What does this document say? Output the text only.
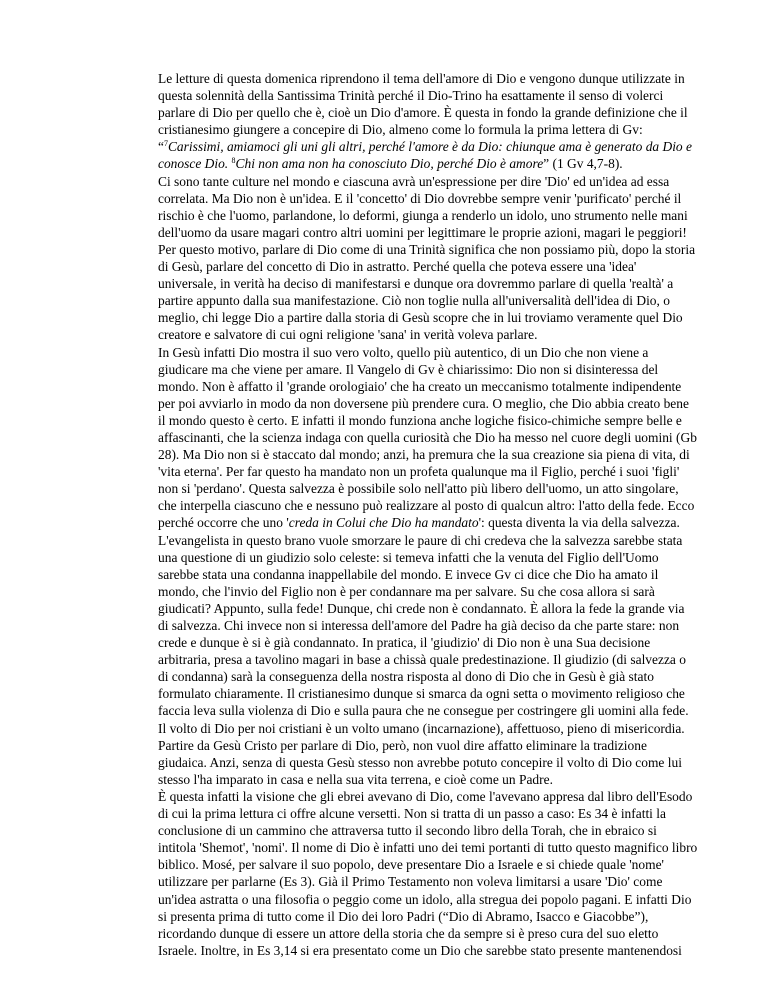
Le letture di questa domenica riprendono il tema dell'amore di Dio e vengono dunque utilizzate in questa solennità della Santissima Trinità perché il Dio-Trino ha esattamente il senso di volerci parlare di Dio per quello che è, cioè un Dio d'amore. È questa in fondo la grande definizione che il cristianesimo giungere a concepire di Dio, almeno come lo formula la prima lettera di Gv: “$^7$Carissimi, amiamoci gli uni gli altri, perché l'amore è da Dio: chiunque ama è generato da Dio e conosce Dio. $^8$Chi non ama non ha conosciuto Dio, perché Dio è amore” (1 Gv 4,7-8).

Ci sono tante culture nel mondo e ciascuna avrà un'espressione per dire 'Dio' ed un'idea ad essa correlata. Ma Dio non è un'idea. E il 'concetto' di Dio dovrebbe sempre venir 'purificato' perché il rischio è che l'uomo, parlandone, lo deformi, giunga a renderlo un idolo, uno strumento nelle mani dell'uomo da usare magari contro altri uomini per legittimare le proprie azioni, magari le peggiori! Per questo motivo, parlare di Dio come di una Trinità significa che non possiamo più, dopo la storia di Gesù, parlare del concetto di Dio in astratto. Perché quella che poteva essere una 'idea' universale, in verità ha deciso di manifestarsi e dunque ora dovremmo parlare di quella 'realtà' a partire appunto dalla sua manifestazione. Ciò non toglie nulla all'universalità dell'idea di Dio, o meglio, chi legge Dio a partire dalla storia di Gesù scopre che in lui troviamo veramente quel Dio creatore e salvatore di cui ogni religione 'sana' in verità voleva parlare.

In Gesù infatti Dio mostra il suo vero volto, quello più autentico, di un Dio che non viene a giudicare ma che viene per amare. Il Vangelo di Gv è chiarissimo: Dio non si disinteressa del mondo. Non è affatto il 'grande orologiaio' che ha creato un meccanismo totalmente indipendente per poi avviarlo in modo da non doversene più prendere cura. O meglio, che Dio abbia creato bene il mondo questo è certo. E infatti il mondo funziona anche logiche fisico-chimiche sempre belle e affascinanti, che la scienza indaga con quella curiosità che Dio ha messo nel cuore degli uomini (Gb 28). Ma Dio non si è staccato dal mondo; anzi, ha premura che la sua creazione sia piena di vita, di 'vita eterna'. Per far questo ha mandato non un profeta qualunque ma il Figlio, perché i suoi 'figli' non si 'perdano'. Questa salvezza è possibile solo nell'atto più libero dell'uomo, un atto singolare, che interpella ciascuno che e nessuno può realizzare al posto di qualcun altro: l'atto della fede. Ecco perché occorre che uno 'creda in Colui che Dio ha mandato': questa diventa la via della salvezza. L'evangelista in questo brano vuole smorzare le paure di chi credeva che la salvezza sarebbe stata una questione di un giudizio solo celeste: si temeva infatti che la venuta del Figlio dell'Uomo sarebbe stata una condanna inappellabile del mondo. E invece Gv ci dice che Dio ha amato il mondo, che l'invio del Figlio non è per condannare ma per salvare. Su che cosa allora si sarà giudicati? Appunto, sulla fede! Dunque, chi crede non è condannato. È allora la fede la grande via di salvezza. Chi invece non si interessa dell'amore del Padre ha già deciso da che parte stare: non crede e dunque è si è già condannato. In pratica, il 'giudizio' di Dio non è una Sua decisione arbitraria, presa a tavolino magari in base a chissà quale predestinazione. Il giudizio (di salvezza o di condanna) sarà la conseguenza della nostra risposta al dono di Dio che in Gesù è già stato formulato chiaramente. Il cristianesimo dunque si smarca da ogni setta o movimento religioso che faccia leva sulla violenza di Dio e sulla paura che ne consegue per costringere gli uomini alla fede. Il volto di Dio per noi cristiani è un volto umano (incarnazione), affettuoso, pieno di misericordia. Partire da Gesù Cristo per parlare di Dio, però, non vuol dire affatto eliminare la tradizione giudaica. Anzi, senza di questa Gesù stesso non avrebbe potuto concepire il volto di Dio come lui stesso l'ha imparato in casa e nella sua vita terrena, e cioè come un Padre.

È questa infatti la visione che gli ebrei avevano di Dio, come l'avevano appresa dal libro dell'Esodo di cui la prima lettura ci offre alcune versetti. Non si tratta di un passo a caso: Es 34 è infatti la conclusione di un cammino che attraversa tutto il secondo libro della Torah, che in ebraico si intitola 'Shemot', 'nomi'. Il nome di Dio è infatti uno dei temi portanti di tutto questo magnifico libro biblico. Mosé, per salvare il suo popolo, deve presentare Dio a Israele e si chiede quale 'nome' utilizzare per parlarne (Es 3). Già il Primo Testamento non voleva limitarsi a usare 'Dio' come un'idea astratta o una filosofia o peggio come un idolo, alla stregua dei popolo pagani. E infatti Dio si presenta prima di tutto come il Dio dei loro Padri (“Dio di Abramo, Isacco e Giacobbe”), ricordando dunque di essere un attore della storia che da sempre si è preso cura del suo eletto Israele. Inoltre, in Es 3,14 si era presentato come un Dio che sarebbe stato presente mantenendosi
